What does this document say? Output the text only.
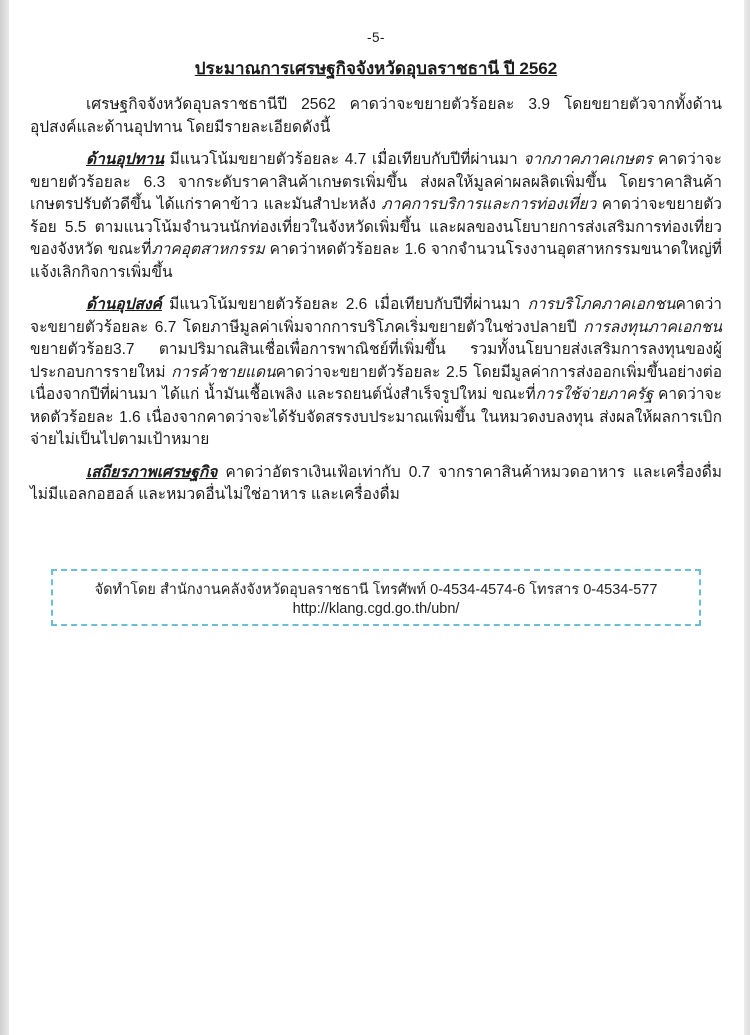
-5-
ประมาณการเศรษฐกิจจังหวัดอุบลราชธานี ปี 2562

เศรษฐกิจจังหวัดอุบลราชธานีปี 2562 คาดว่าจะขยายตัวร้อยละ 3.9 โดยขยายตัวจากทั้งด้านอุปสงค์และด้านอุปทาน โดยมีรายละเอียดดังนี้

ด้านอุปทาน มีแนวโน้มขยายตัวร้อยละ 4.7 เมื่อเทียบกับปีที่ผ่านมา จากภาคภาคเกษตร คาดว่าจะขยายตัวร้อยละ 6.3 จากระดับราคาสินค้าเกษตรเพิ่มขึ้น ส่งผลให้มูลค่าผลผลิตเพิ่มขึ้น โดยราคาสินค้าเกษตรปรับตัวดีขึ้น ได้แก่ราคาข้าว และมันสำปะหลัง ภาคการบริการและการท่องเที่ยว คาดว่าจะขยายตัวร้อย 5.5 ตามแนวโน้มจำนวนนักท่องเที่ยวในจังหวัดเพิ่มขึ้น และผลของนโยบายการส่งเสริมการท่องเที่ยวของจังหวัด ขณะที่ภาคอุตสาหกรรม คาดว่าหดตัวร้อยละ 1.6 จากจำนวนโรงงานอุตสาหกรรมขนาดใหญ่ที่แจ้งเลิกกิจการเพิ่มขึ้น

ด้านอุปสงค์ มีแนวโน้มขยายตัวร้อยละ 2.6 เมื่อเทียบกับปีที่ผ่านมา การบริโภคภาคเอกชนคาดว่าจะขยายตัวร้อยละ 6.7 โดยภาษีมูลค่าเพิ่มจากการบริโภคเริ่มขยายตัวในช่วงปลายปี การลงทุนภาคเอกชน ขยายตัวร้อย3.7 ตามปริมาณสินเชื่อเพื่อการพาณิชย์ที่เพิ่มขึ้น รวมทั้งนโยบายส่งเสริมการลงทุนของผู้ประกอบการรายใหม่ การค้าชายแดนคาดว่าจะขยายตัวร้อยละ 2.5 โดยมีมูลค่าการส่งออกเพิ่มขึ้นอย่างต่อเนื่องจากปีที่ผ่านมา ได้แก่ น้ำมันเชื้อเพลิง และรถยนต์นั่งสำเร็จรูปใหม่ ขณะที่การใช้จ่ายภาครัฐ คาดว่าจะหดตัวร้อยละ 1.6 เนื่องจากคาดว่าจะได้รับจัดสรรงบประมาณเพิ่มขึ้น ในหมวดงบลงทุน ส่งผลให้ผลการเบิกจ่ายไม่เป็นไปตามเป้าหมาย

เสถียรภาพเศรษฐกิจ คาดว่าอัตราเงินเฟ้อเท่ากับ 0.7 จากราคาสินค้าหมวดอาหาร และเครื่องดื่มไม่มีแอลกอฮอล์ และหมวดอื่นไม่ใช่อาหาร และเครื่องดื่ม

จัดทำโดย สำนักงานคลังจังหวัดอุบลราชธานี โทรศัพท์ 0-4534-4574-6 โทรสาร 0-4534-577 http://klang.cgd.go.th/ubn/
